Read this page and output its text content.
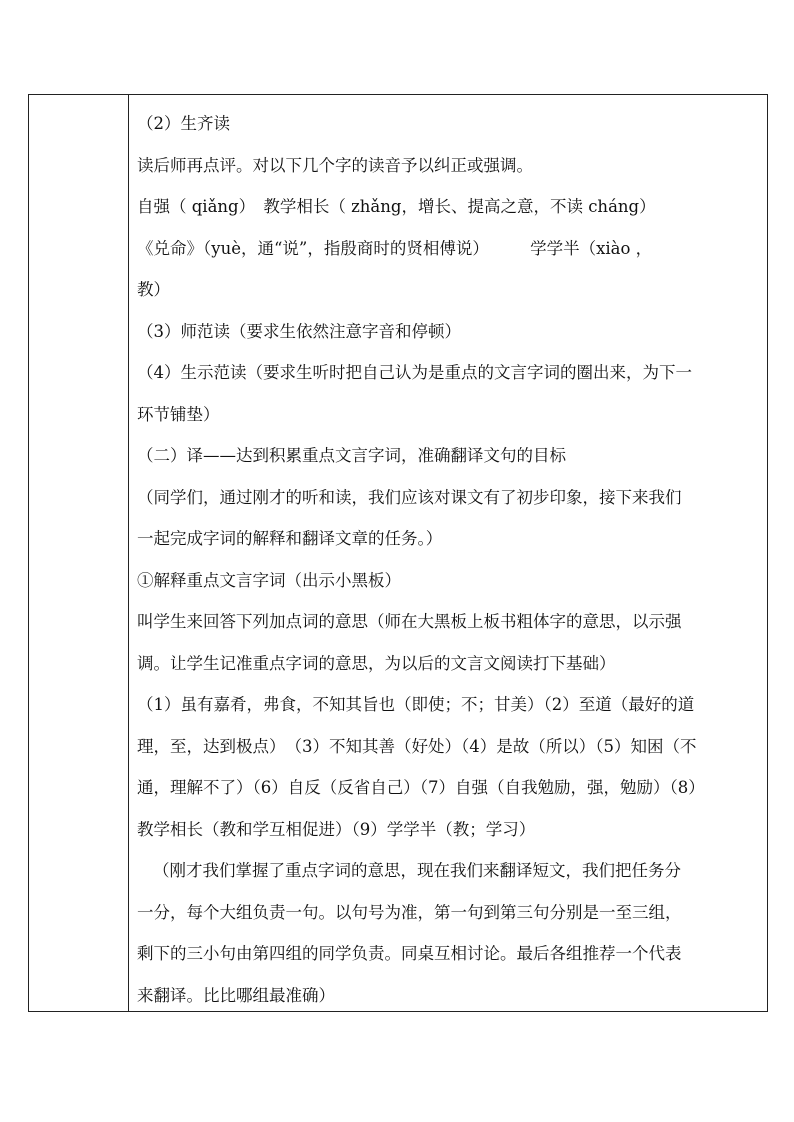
（2）生齐读
读后师再点评。对以下几个字的读音予以纠正或强调。
自强（ qiǎng）　教学相长（ zhǎng，增长、提高之意，不读 cháng）
《兑命》（yuè，通“说”，指殷商时的贤相傅说）　　　学学半（xiào ，
教）
（3）师范读（要求生依然注意字音和停顿）
（4）生示范读（要求生听时把自己认为是重点的文言字词的圈出来，为下一
环节铺垫）
（二）译——达到积累重点文言字词，准确翻译文句的目标
（同学们，通过刚才的听和读，我们应该对课文有了初步印象，接下来我们
一起完成字词的解释和翻译文章的任务。）
①解释重点文言字词（出示小黑板）
叫学生来回答下列加点词的意思（师在大黑板上板书粗体字的意思，以示强
调。让学生记准重点字词的意思，为以后的文言文阅读打下基础）
（1）虽有嘉肴，弗食，不知其旨也（即使；不；甘美）（2）至道（最好的道
理，至，达到极点）　（3）不知其善（好处）（4）是故（所以）（5）知困（不
通，理解不了）（6）自反（反省自己）（7）自强（自我勉励，强，勉励）（8）
教学相长（教和学互相促进）（9）学学半（教；学习）
（刚才我们掌握了重点字词的意思，现在我们来翻译短文，我们把任务分
一分，每个大组负责一句。以句号为准，第一句到第三句分别是一至三组，
剩下的三小句由第四组的同学负责。同桌互相讨论。最后各组推荐一个代表
来翻译。比比哪组最准确）
